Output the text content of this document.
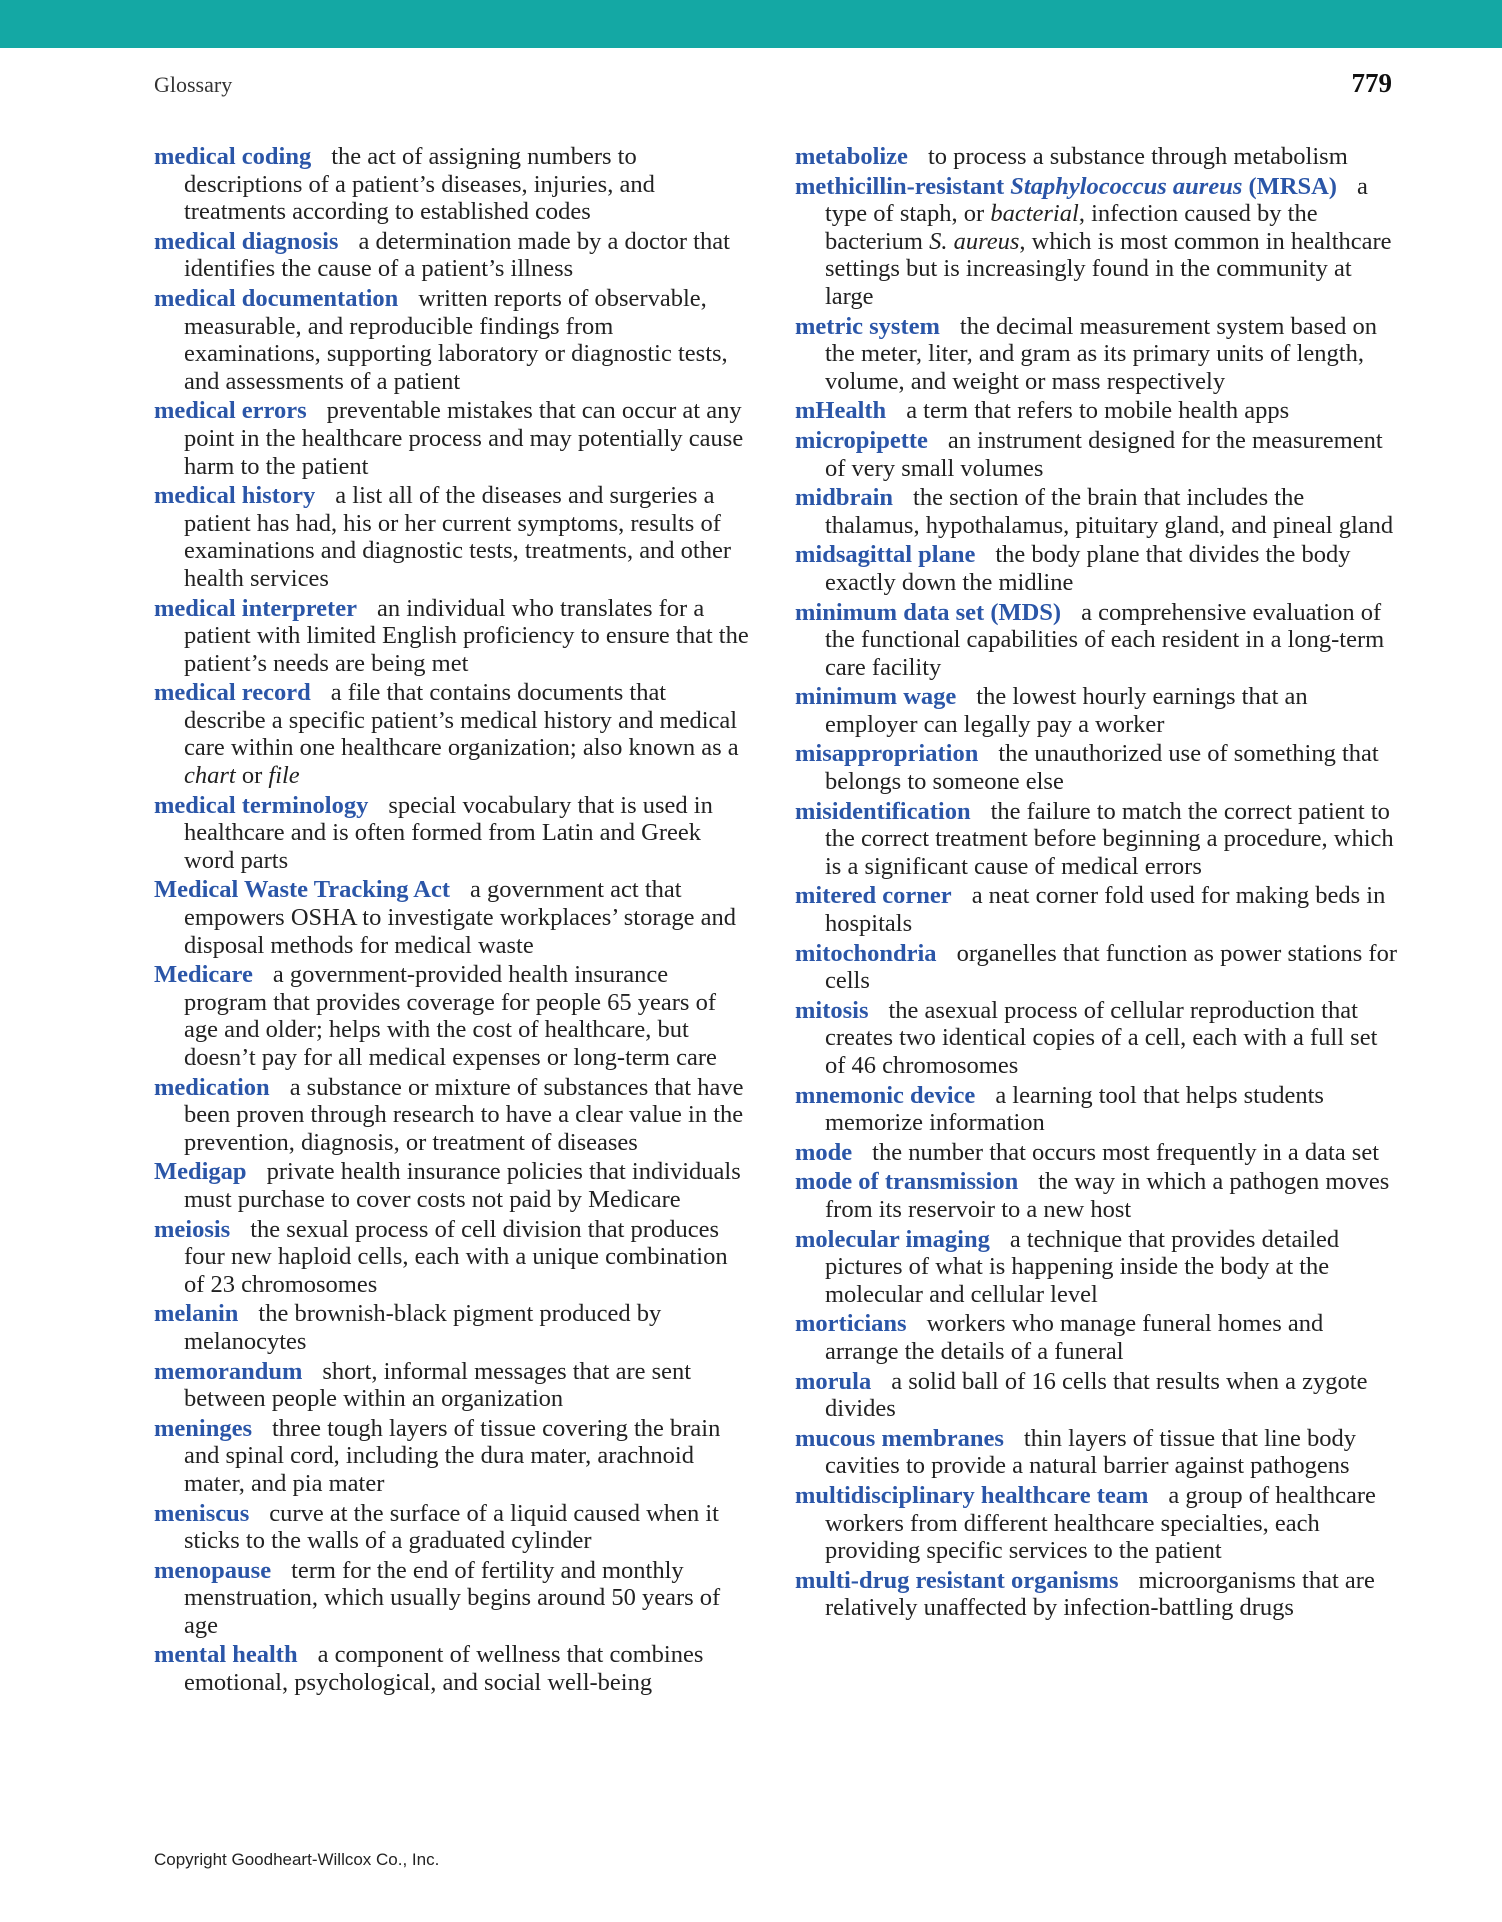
Glossary	779

medical coding the act of assigning numbers to descriptions of a patient’s diseases, injuries, and treatments according to established codes

medical diagnosis a determination made by a doctor that identifies the cause of a patient’s illness

medical documentation written reports of observable, measurable, and reproducible findings from examinations, supporting laboratory or diagnostic tests, and assessments of a patient

medical errors preventable mistakes that can occur at any point in the healthcare process and may potentially cause harm to the patient

medical history a list all of the diseases and surgeries a patient has had, his or her current symptoms, results of examinations and diagnostic tests, treatments, and other health services

medical interpreter an individual who translates for a patient with limited English proficiency to ensure that the patient’s needs are being met

medical record a file that contains documents that describe a specific patient’s medical history and medical care within one healthcare organization; also known as a chart or file

medical terminology special vocabulary that is used in healthcare and is often formed from Latin and Greek word parts

Medical Waste Tracking Act a government act that empowers OSHA to investigate workplaces’ storage and disposal methods for medical waste

Medicare a government-provided health insurance program that provides coverage for people 65 years of age and older; helps with the cost of healthcare, but doesn’t pay for all medical expenses or long-term care

medication a substance or mixture of substances that have been proven through research to have a clear value in the prevention, diagnosis, or treatment of diseases

Medigap private health insurance policies that individuals must purchase to cover costs not paid by Medicare

meiosis the sexual process of cell division that produces four new haploid cells, each with a unique combination of 23 chromosomes

melanin the brownish-black pigment produced by melanocytes

memorandum short, informal messages that are sent between people within an organization

meninges three tough layers of tissue covering the brain and spinal cord, including the dura mater, arachnoid mater, and pia mater

meniscus curve at the surface of a liquid caused when it sticks to the walls of a graduated cylinder

menopause term for the end of fertility and monthly menstruation, which usually begins around 50 years of age

mental health a component of wellness that combines emotional, psychological, and social well-being

metabolize to process a substance through metabolism

methicillin-resistant Staphylococcus aureus (MRSA) a type of staph, or bacterial, infection caused by the bacterium S. aureus, which is most common in healthcare settings but is increasingly found in the community at large

metric system the decimal measurement system based on the meter, liter, and gram as its primary units of length, volume, and weight or mass respectively

mHealth a term that refers to mobile health apps

micropipette an instrument designed for the measurement of very small volumes

midbrain the section of the brain that includes the thalamus, hypothalamus, pituitary gland, and pineal gland

midsagittal plane the body plane that divides the body exactly down the midline

minimum data set (MDS) a comprehensive evaluation of the functional capabilities of each resident in a long-term care facility

minimum wage the lowest hourly earnings that an employer can legally pay a worker

misappropriation the unauthorized use of something that belongs to someone else

misidentification the failure to match the correct patient to the correct treatment before beginning a procedure, which is a significant cause of medical errors

mitered corner a neat corner fold used for making beds in hospitals

mitochondria organelles that function as power stations for cells

mitosis the asexual process of cellular reproduction that creates two identical copies of a cell, each with a full set of 46 chromosomes

mnemonic device a learning tool that helps students memorize information

mode the number that occurs most frequently in a data set

mode of transmission the way in which a pathogen moves from its reservoir to a new host

molecular imaging a technique that provides detailed pictures of what is happening inside the body at the molecular and cellular level

morticians workers who manage funeral homes and arrange the details of a funeral

morula a solid ball of 16 cells that results when a zygote divides

mucous membranes thin layers of tissue that line body cavities to provide a natural barrier against pathogens

multidisciplinary healthcare team a group of healthcare workers from different healthcare specialties, each providing specific services to the patient

multi-drug resistant organisms microorganisms that are relatively unaffected by infection-battling drugs

Copyright Goodheart-Willcox Co., Inc.
